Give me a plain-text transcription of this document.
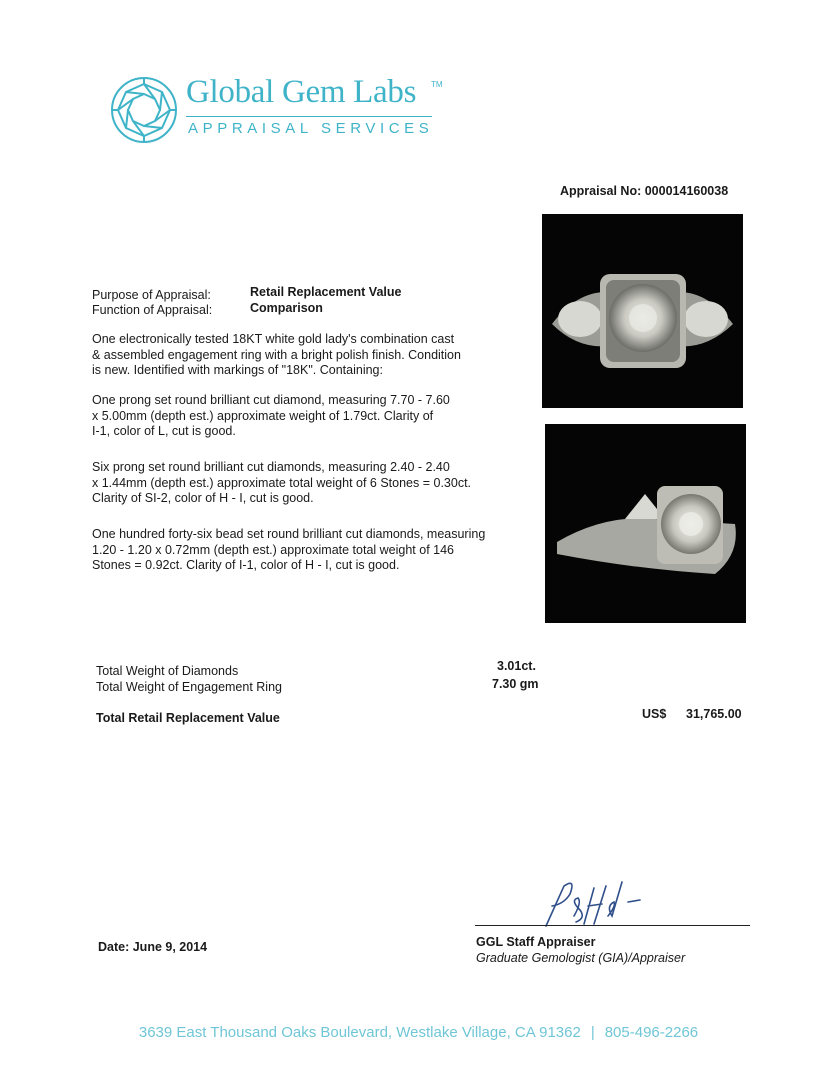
Global Gem Labs TM
APPRAISAL SERVICES
Appraisal No: 000014160038
Purpose of Appraisal:	Retail Replacement Value
Function of Appraisal:	Comparison
One electronically tested 18KT white gold lady's combination cast
& assembled engagement ring with a bright polish finish. Condition
is new. Identified with markings of "18K". Containing:
One prong set round brilliant cut diamond, measuring 7.70 - 7.60
x 5.00mm (depth est.) approximate weight of 1.79ct. Clarity of
I-1, color of L, cut is good.
Six prong set round brilliant cut diamonds, measuring 2.40 - 2.40
x 1.44mm (depth est.) approximate total weight of 6 Stones = 0.30ct.
Clarity of SI-2, color of H - I, cut is good.
One hundred forty-six bead set round brilliant cut diamonds, measuring
1.20 - 1.20 x 0.72mm (depth est.) approximate total weight of 146
Stones = 0.92ct. Clarity of I-1, color of H - I, cut is good.
Total Weight of Diamonds	3.01ct.
Total Weight of Engagement Ring	7.30 gm
Total Retail Replacement Value	US$ 31,765.00
Date: June 9, 2014	GGL Staff Appraiser
Graduate Gemologist (GIA)/Appraiser
3639 East Thousand Oaks Boulevard, Westlake Village, CA 91362 | 805-496-2266
